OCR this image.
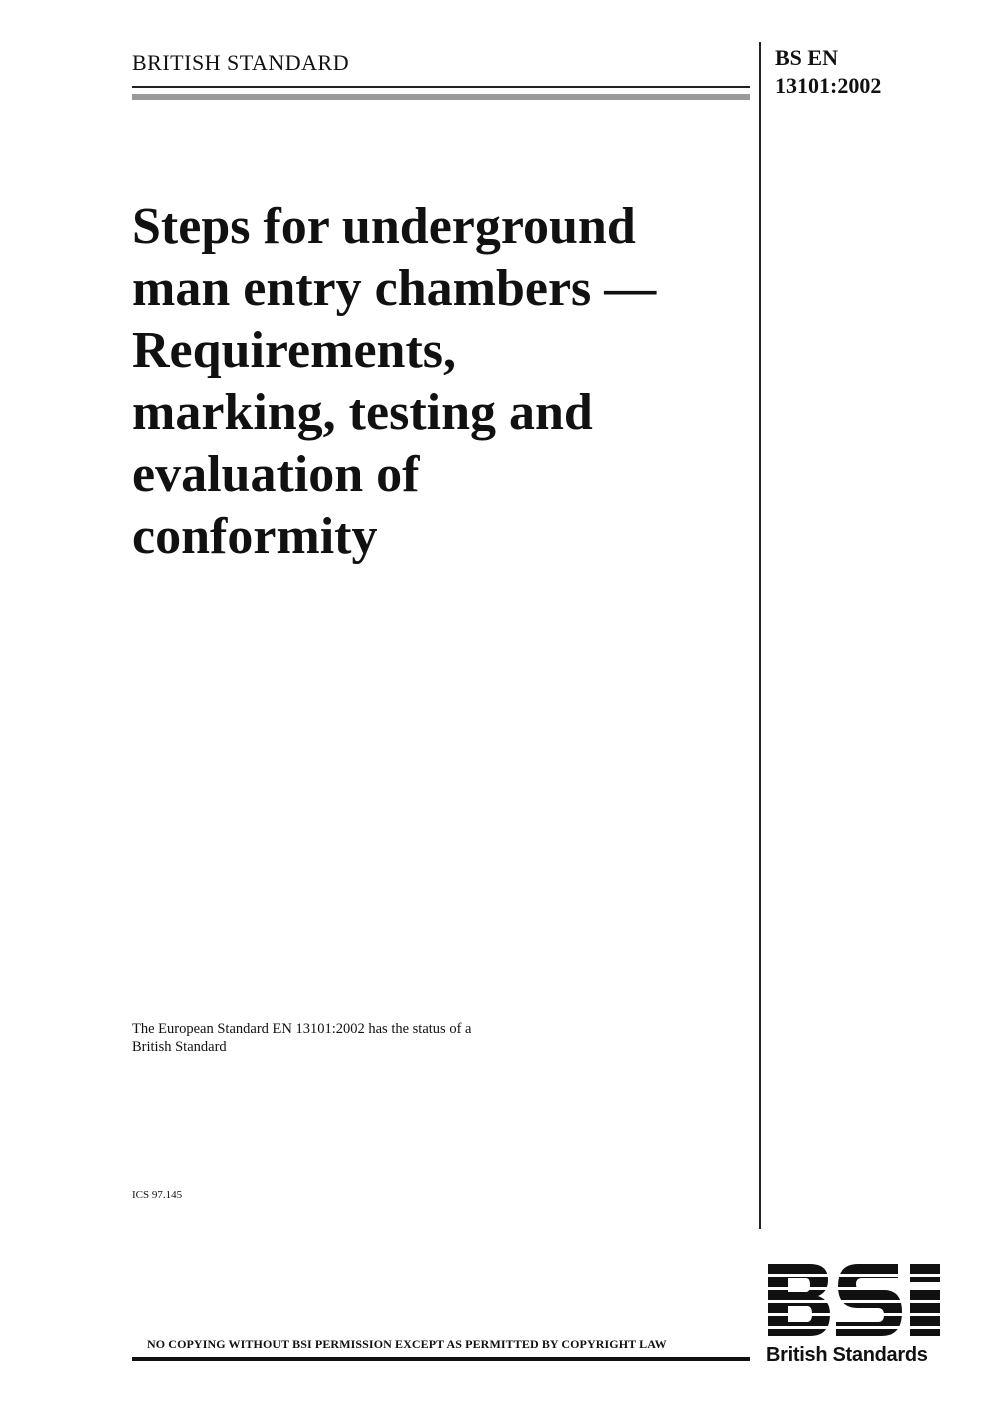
BRITISH STANDARD	BS EN
13101:2002
Steps for underground
man entry chambers —
Requirements,
marking, testing and
evaluation of
conformity
The European Standard EN 13101:2002 has the status of a
British Standard
ICS 97.145
NO COPYING WITHOUT BSI PERMISSION EXCEPT AS PERMITTED BY COPYRIGHT LAW	British Standards
